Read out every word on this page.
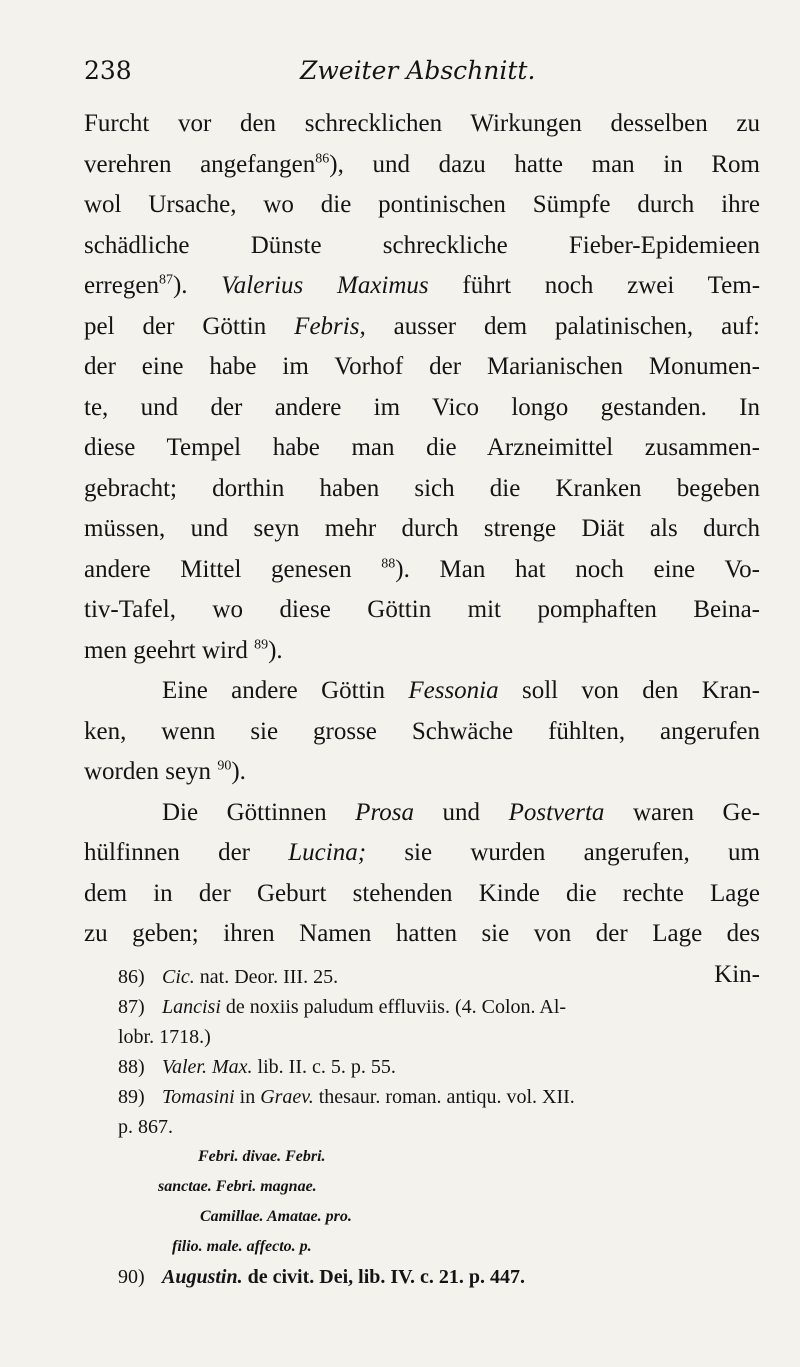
238	Zweiter Abschnitt.
Furcht vor den schrecklichen Wirkungen desselben zu
verehren angefangen$^{86}$), und dazu hatte man in Rom
wol Ursache, wo die pontinischen Sümpfe durch ihre
schädliche Dünste schreckliche Fieber-Epidemieen
erregen$^{87}$). Valerius Maximus führt noch zwei Tem-
pel der Göttin Febris, ausser dem palatinischen, auf:
der eine habe im Vorhof der Marianischen Monumen-
te, und der andere im Vico longo gestanden. In
diese Tempel habe man die Arzneimittel zusammen-
gebracht; dorthin haben sich die Kranken begeben
müssen, und seyn mehr durch strenge Diät als durch
andere Mittel genesen $^{88}$). Man hat noch eine Vo-
tiv-Tafel, wo diese Göttin mit pomphaften Beina-
men geehrt wird $^{89}$).
Eine andere Göttin Fessonia soll von den Kran-
ken, wenn sie grosse Schwäche fühlten, angerufen
worden seyn $^{90}$).
Die Göttinnen Prosa und Postverta waren Ge-
hülfinnen der Lucina; sie wurden angerufen, um
dem in der Geburt stehenden Kinde die rechte Lage
zu geben; ihren Namen hatten sie von der Lage des
Kin-
86) Cic. nat. Deor. III. 25.
87) Lancisi de noxiis paludum effluviis. (4. Colon. Al-
lobr. 1718.)
88) Valer. Max. lib. II. c. 5. p. 55.
89) Tomasini in Graev. thesaur. roman. antiqu. vol. XII.
p. 867.
Febri. divae. Febri.
sanctae. Febri. magnae.
Camillae. Amatae. pro.
filio. male. affecto. p.
90) Augustin. de civit. Dei, lib. IV. c. 21. p. 447.
